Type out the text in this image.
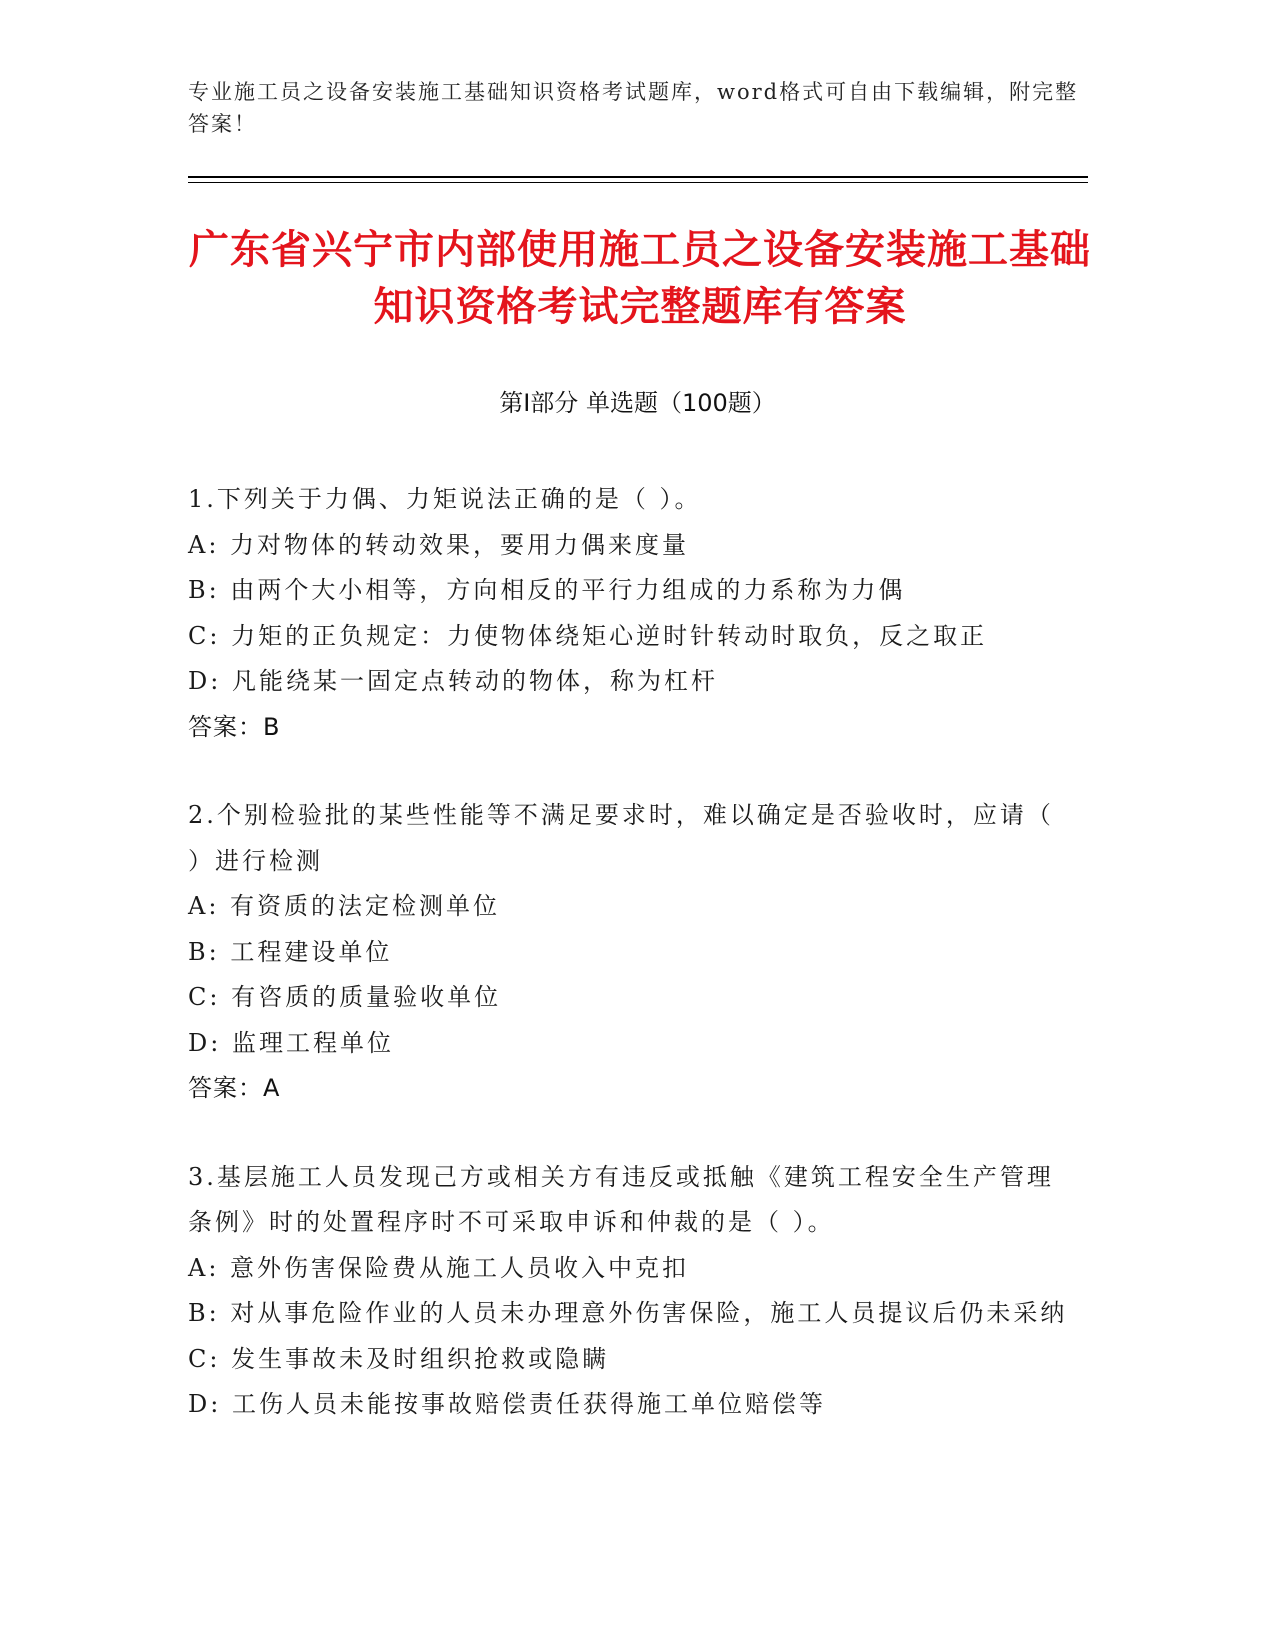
专业施工员之设备安装施工基础知识资格考试题库，word格式可自由下载编辑，附完整答案！
广东省兴宁市内部使用施工员之设备安装施工基础知识资格考试完整题库有答案
第I部分 单选题（100题）
1.下列关于力偶、力矩说法正确的是（ ）。
A: 力对物体的转动效果，要用力偶来度量
B: 由两个大小相等，方向相反的平行力组成的力系称为力偶
C: 力矩的正负规定：力使物体绕矩心逆时针转动时取负，反之取正
D: 凡能绕某一固定点转动的物体，称为杠杆
答案：B
2.个别检验批的某些性能等不满足要求时，难以确定是否验收时，应请（ ）进行检测
A: 有资质的法定检测单位
B: 工程建设单位
C: 有咨质的质量验收单位
D: 监理工程单位
答案：A
3.基层施工人员发现己方或相关方有违反或抵触《建筑工程安全生产管理条例》时的处置程序时不可采取申诉和仲裁的是（ ）。
A: 意外伤害保险费从施工人员收入中克扣
B: 对从事危险作业的人员未办理意外伤害保险，施工人员提议后仍未采纳
C: 发生事故未及时组织抢救或隐瞒
D: 工伤人员未能按事故赔偿责任获得施工单位赔偿等
